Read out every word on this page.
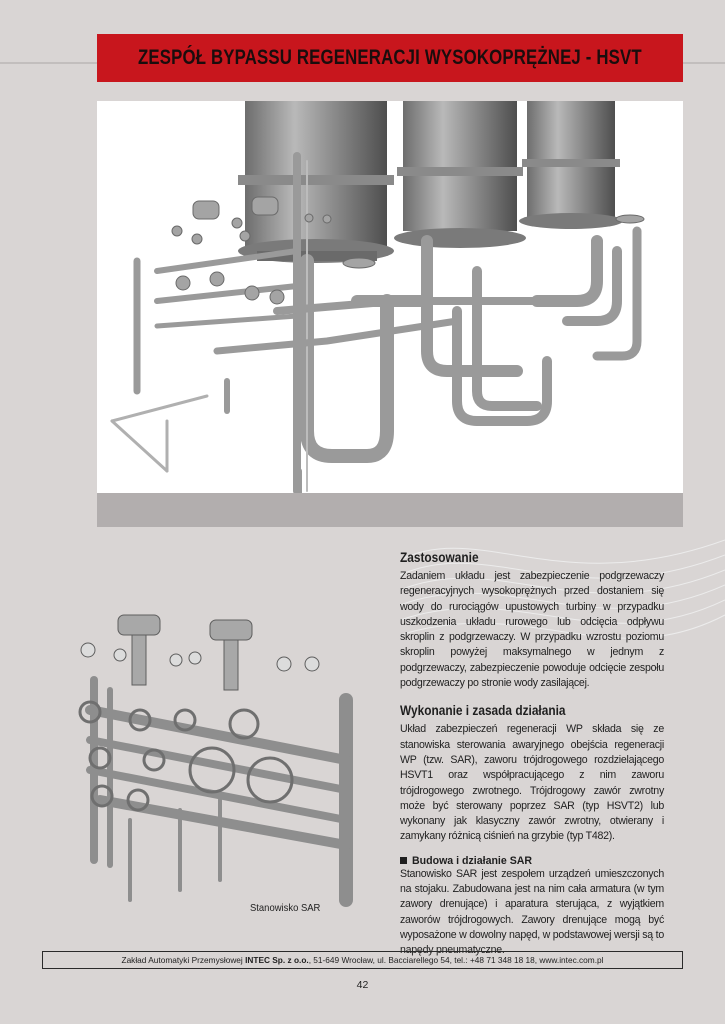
ZESPÓŁ BYPASSU REGENERACJI WYSOKOPRĘŻNEJ - HSVT
Stanowisko SAR
Zastosowanie

Zadaniem układu jest zabezpieczenie podgrzewaczy regeneracyjnych wysokoprężnych przed dostaniem się wody do rurociągów upustowych turbiny w przypadku uszkodzenia układu rurowego lub odcięcia odpływu skroplin z podgrzewaczy. W przypadku wzrostu poziomu skroplin powyżej maksymalnego w jednym z podgrzewaczy, zabezpieczenie powoduje odcięcie zespołu podgrzewaczy po stronie wody zasilającej.

Wykonanie i zasada działania

Układ zabezpieczeń regeneracji WP składa się ze stanowiska sterowania awaryjnego obejścia regeneracji WP (tzw. SAR), zaworu trójdrogowego rozdzielającego HSVT1 oraz współpracującego z nim zaworu trójdrogowego zwrotnego. Trójdrogowy zawór zwrotny może być sterowany poprzez SAR (typ HSVT2) lub wykonany jak klasyczny zawór zwrotny, otwierany i zamykany różnicą ciśnień na grzybie (typ T482).

Budowa i działanie SAR

Stanowisko SAR jest zespołem urządzeń umieszczonych na stojaku. Zabudowana jest na nim cała armatura (w tym zawory drenujące) i aparatura sterująca, z wyjątkiem zaworów trójdrogowych. Zawory drenujące mogą być wyposażone w dowolny napęd, w podstawowej wersji są to napędy pneumatyczne.

Zakład Automatyki Przemysłowej INTEC Sp. z o.o. , 51-649 Wrocław, ul. Bacciarellego 54, tel.: +48 71 348 18 18, www.intec.com.pl
42
